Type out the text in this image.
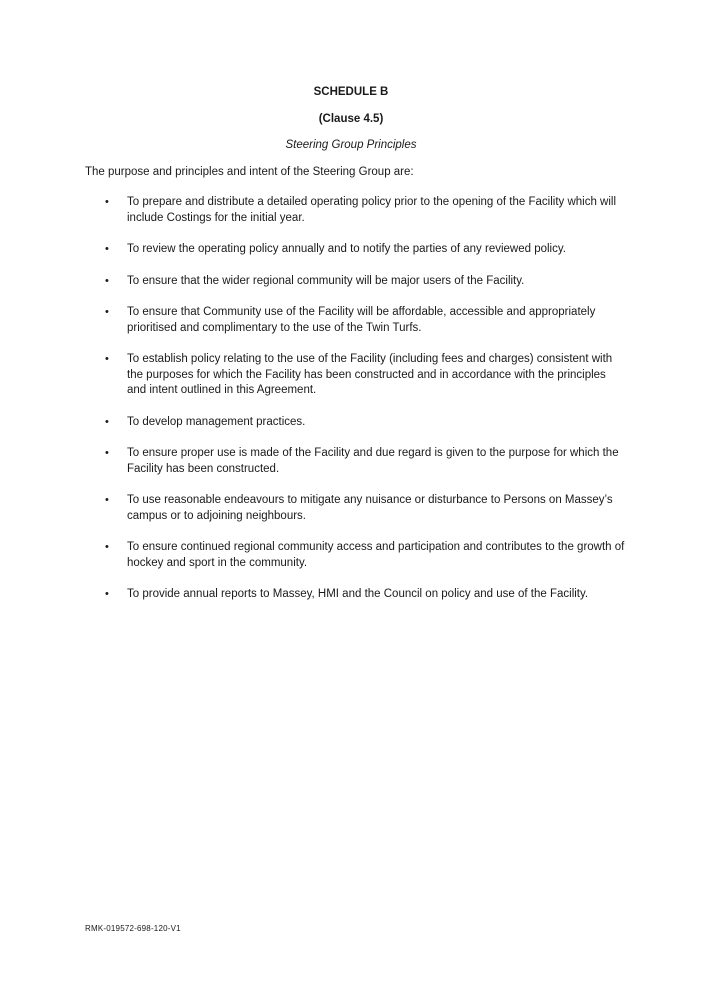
SCHEDULE B
(Clause 4.5)
Steering Group Principles
The purpose and principles and intent of the Steering Group are:
• To prepare and distribute a detailed operating policy prior to the opening of the Facility which will include Costings for the initial year.
• To review the operating policy annually and to notify the parties of any reviewed policy.
• To ensure that the wider regional community will be major users of the Facility.
• To ensure that Community use of the Facility will be affordable, accessible and appropriately prioritised and complimentary to the use of the Twin Turfs.
• To establish policy relating to the use of the Facility (including fees and charges) consistent with the purposes for which the Facility has been constructed and in accordance with the principles and intent outlined in this Agreement.
• To develop management practices.
• To ensure proper use is made of the Facility and due regard is given to the purpose for which the Facility has been constructed.
• To use reasonable endeavours to mitigate any nuisance or disturbance to Persons on Massey’s campus or to adjoining neighbours.
• To ensure continued regional community access and participation and contributes to the growth of hockey and sport in the community.
• To provide annual reports to Massey, HMI and the Council on policy and use of the Facility.
RMK-019572-698-120-V1
